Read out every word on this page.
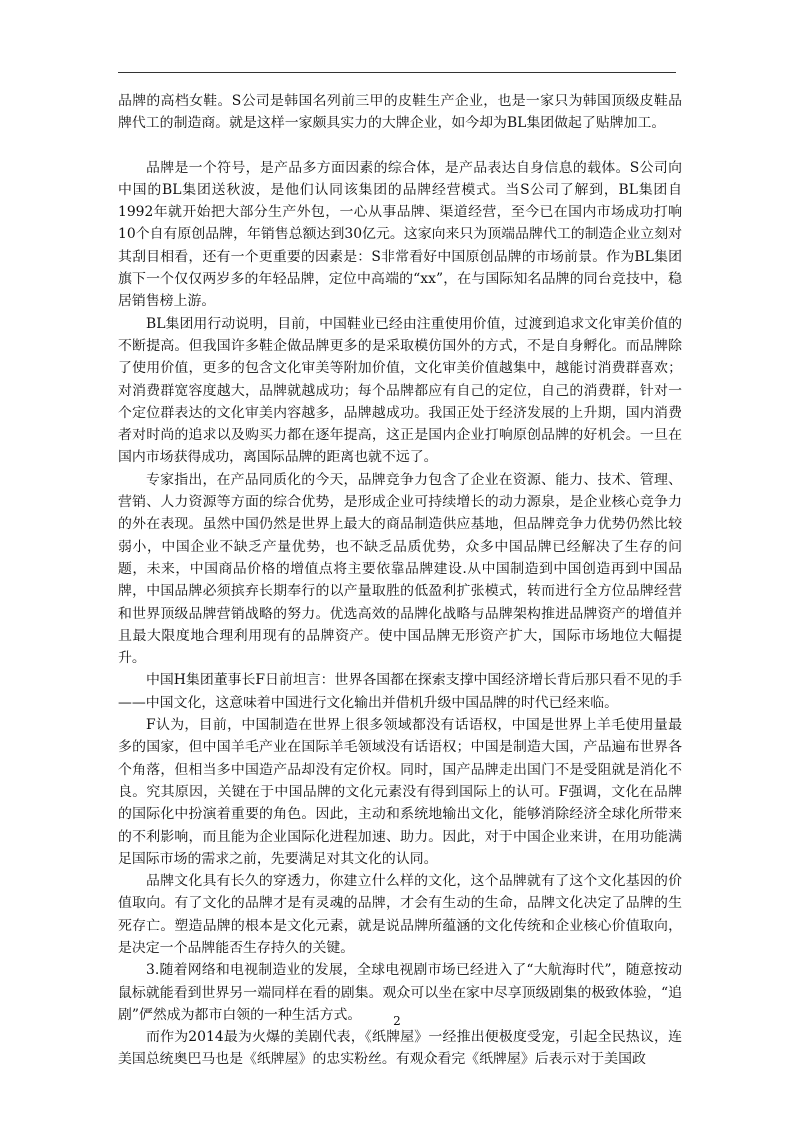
品牌的高档女鞋。S公司是韩国名列前三甲的皮鞋生产企业，也是一家只为韩国顶级皮鞋品牌代工的制造商。就是这样一家颇具实力的大牌企业，如今却为BL集团做起了贴牌加工。

品牌是一个符号，是产品多方面因素的综合体，是产品表达自身信息的载体。S公司向中国的BL集团送秋波，是他们认同该集团的品牌经营模式。当S公司了解到，BL集团自1992年就开始把大部分生产外包，一心从事品牌、渠道经营，至今已在国内市场成功打响10个自有原创品牌，年销售总额达到30亿元。这家向来只为顶端品牌代工的制造企业立刻对其刮目相看，还有一个更重要的因素是：S非常看好中国原创品牌的市场前景。作为BL集团旗下一个仅仅两岁多的年轻品牌，定位中高端的“xx”，在与国际知名品牌的同台竞技中，稳居销售榜上游。

BL集团用行动说明，目前，中国鞋业已经由注重使用价值，过渡到追求文化审美价值的不断提高。但我国许多鞋企做品牌更多的是采取模仿国外的方式，不是自身孵化。而品牌除了使用价值，更多的包含文化审美等附加价值，文化审美价值越集中，越能讨消费群喜欢；对消费群宽容度越大，品牌就越成功；每个品牌都应有自己的定位，自己的消费群，针对一个定位群表达的文化审美内容越多，品牌越成功。我国正处于经济发展的上升期，国内消费者对时尚的追求以及购买力都在逐年提高，这正是国内企业打响原创品牌的好机会。一旦在国内市场获得成功，离国际品牌的距离也就不远了。

专家指出，在产品同质化的今天，品牌竞争力包含了企业在资源、能力、技术、管理、营销、人力资源等方面的综合优势，是形成企业可持续增长的动力源泉，是企业核心竞争力的外在表现。虽然中国仍然是世界上最大的商品制造供应基地，但品牌竞争力优势仍然比较弱小，中国企业不缺乏产量优势，也不缺乏品质优势，众多中国品牌已经解决了生存的问题，未来，中国商品价格的增值点将主要依靠品牌建设.从中国制造到中国创造再到中国品牌，中国品牌必须摈弃长期奉行的以产量取胜的低盈利扩张模式，转而进行全方位品牌经营和世界顶级品牌营销战略的努力。优选高效的品牌化战略与品牌架构推进品牌资产的增值并且最大限度地合理利用现有的品牌资产。使中国品牌无形资产扩大，国际市场地位大幅提升。

中国H集团董事长F日前坦言：世界各国都在探索支撑中国经济增长背后那只看不见的手——中国文化，这意味着中国进行文化输出并借机升级中国品牌的时代已经来临。

F认为，目前，中国制造在世界上很多领域都没有话语权，中国是世界上羊毛使用量最多的国家，但中国羊毛产业在国际羊毛领域没有话语权；中国是制造大国，产品遍布世界各个角落，但相当多中国造产品却没有定价权。同时，国产品牌走出国门不是受阻就是消化不良。究其原因，关键在于中国品牌的文化元素没有得到国际上的认可。F强调，文化在品牌的国际化中扮演着重要的角色。因此，主动和系统地输出文化，能够消除经济全球化所带来的不利影响，而且能为企业国际化进程加速、助力。因此，对于中国企业来讲，在用功能满足国际市场的需求之前，先要满足对其文化的认同。

品牌文化具有长久的穿透力，你建立什么样的文化，这个品牌就有了这个文化基因的价值取向。有了文化的品牌才是有灵魂的品牌，才会有生动的生命，品牌文化决定了品牌的生死存亡。塑造品牌的根本是文化元素，就是说品牌所蕴涵的文化传统和企业核心价值取向，是决定一个品牌能否生存持久的关键。

3.随着网络和电视制造业的发展，全球电视剧市场已经进入了“大航海时代”，随意按动鼠标就能看到世界另一端同样在看的剧集。观众可以坐在家中尽享顶级剧集的极致体验，“追剧”俨然成为都市白领的一种生活方式。

而作为2014最为火爆的美剧代表，《纸牌屋》一经推出便极度受宠，引起全民热议，连美国总统奥巴马也是《纸牌屋》的忠实粉丝。有观众看完《纸牌屋》后表示对于美国政

2
